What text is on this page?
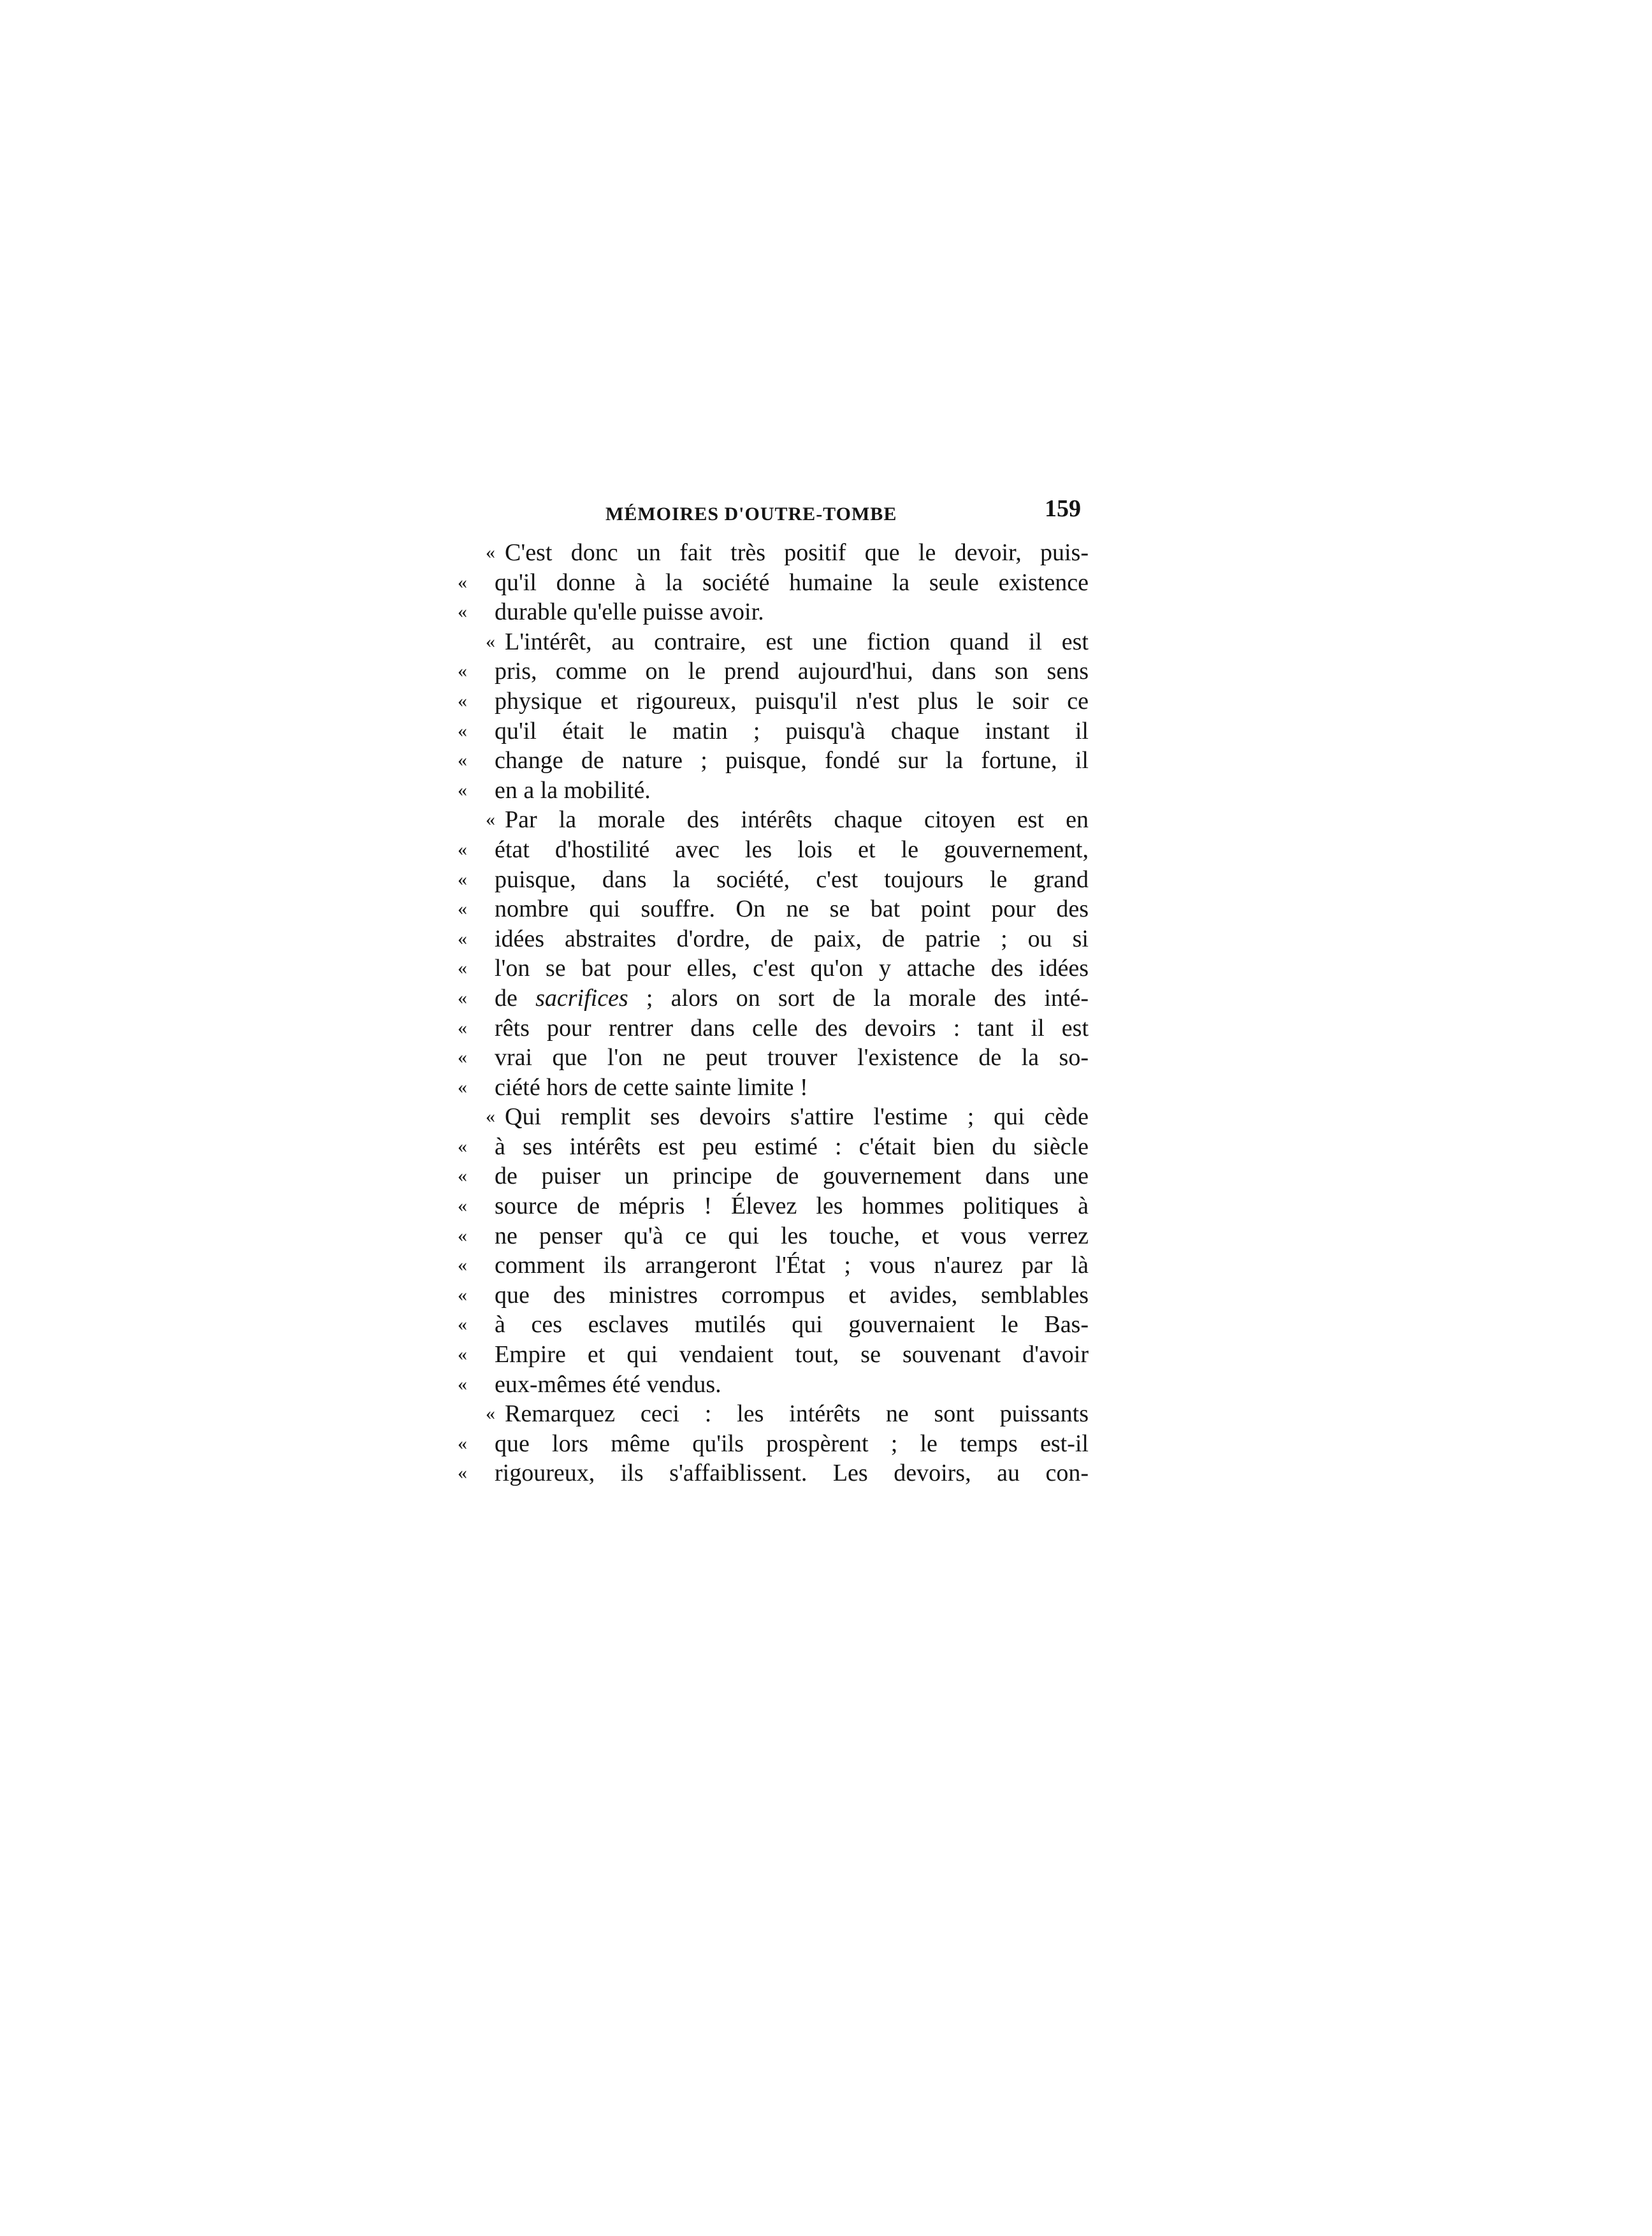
MÉMOIRES D'OUTRE-TOMBE	159
« C'est donc un fait très positif que le devoir, puis-
« qu'il donne à la société humaine la seule existence
« durable qu'elle puisse avoir.
« L'intérêt, au contraire, est une fiction quand il est
« pris, comme on le prend aujourd'hui, dans son sens
« physique et rigoureux, puisqu'il n'est plus le soir ce
« qu'il était le matin ; puisqu'à chaque instant il
« change de nature ; puisque, fondé sur la fortune, il
« en a la mobilité.
« Par la morale des intérêts chaque citoyen est en
« état d'hostilité avec les lois et le gouvernement,
« puisque, dans la société, c'est toujours le grand
« nombre qui souffre. On ne se bat point pour des
« idées abstraites d'ordre, de paix, de patrie ; ou si
« l'on se bat pour elles, c'est qu'on y attache des idées
« de sacrifices ; alors on sort de la morale des inté-
« rêts pour rentrer dans celle des devoirs : tant il est
« vrai que l'on ne peut trouver l'existence de la so-
« ciété hors de cette sainte limite !
« Qui remplit ses devoirs s'attire l'estime ; qui cède
« à ses intérêts est peu estimé : c'était bien du siècle
« de puiser un principe de gouvernement dans une
« source de mépris ! Élevez les hommes politiques à
« ne penser qu'à ce qui les touche, et vous verrez
« comment ils arrangeront l'État ; vous n'aurez par là
« que des ministres corrompus et avides, semblables
« à ces esclaves mutilés qui gouvernaient le Bas-
« Empire et qui vendaient tout, se souvenant d'avoir
« eux-mêmes été vendus.
« Remarquez ceci : les intérêts ne sont puissants
« que lors même qu'ils prospèrent ; le temps est-il
« rigoureux, ils s'affaiblissent. Les devoirs, au con-
